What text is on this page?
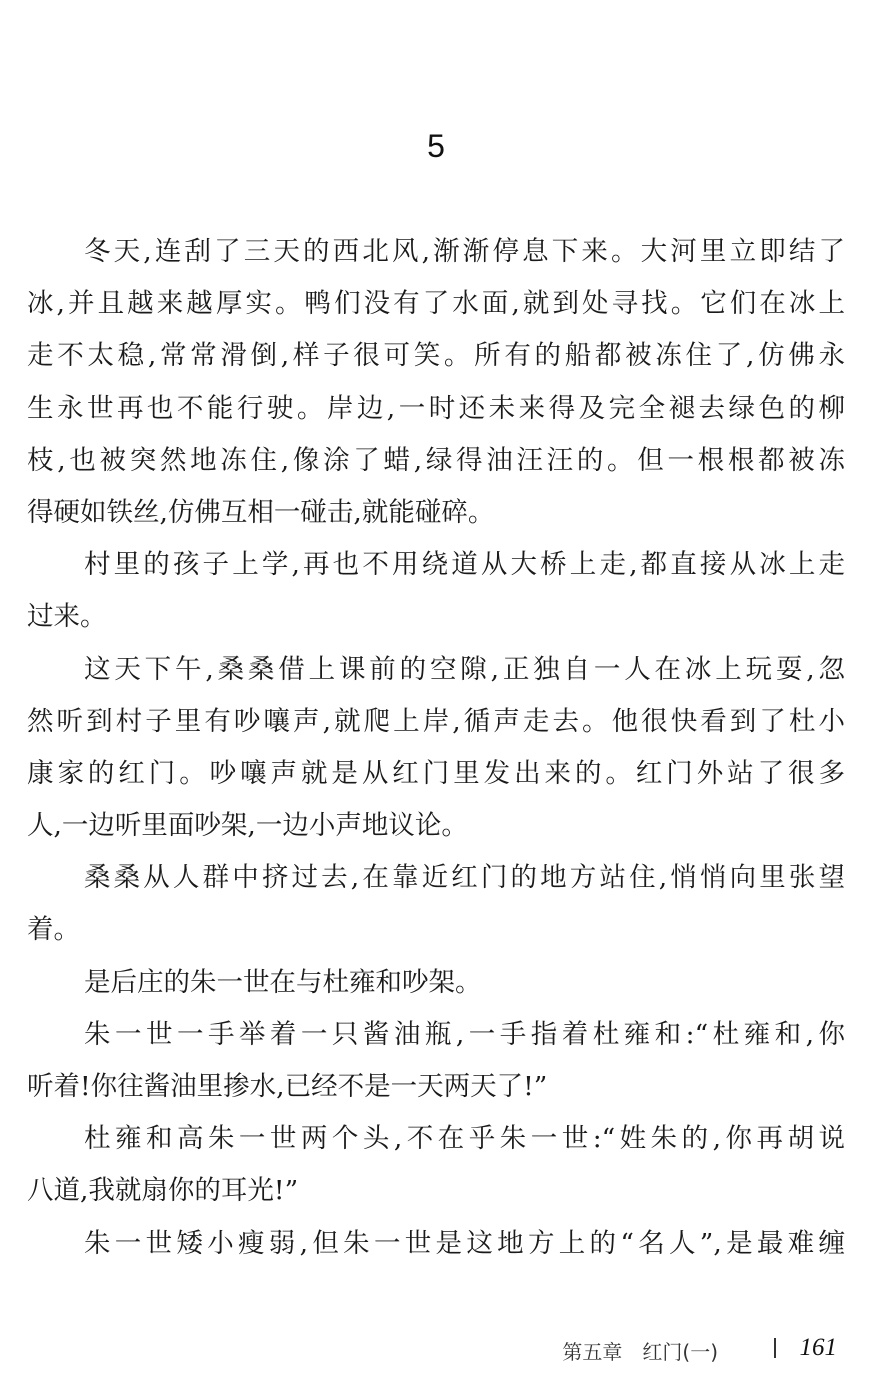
5
冬天,连刮了三天的西北风,渐渐停息下来。大河里立即结了
冰,并且越来越厚实。鸭们没有了水面,就到处寻找。它们在冰上
走不太稳,常常滑倒,样子很可笑。所有的船都被冻住了,仿佛永
生永世再也不能行驶。岸边,一时还未来得及完全褪去绿色的柳
枝,也被突然地冻住,像涂了蜡,绿得油汪汪的。但一根根都被冻
得硬如铁丝,仿佛互相一碰击,就能碰碎。
村里的孩子上学,再也不用绕道从大桥上走,都直接从冰上走
过来。
这天下午,桑桑借上课前的空隙,正独自一人在冰上玩耍,忽
然听到村子里有吵嚷声,就爬上岸,循声走去。他很快看到了杜小
康家的红门。吵嚷声就是从红门里发出来的。红门外站了很多
人,一边听里面吵架,一边小声地议论。
桑桑从人群中挤过去,在靠近红门的地方站住,悄悄向里张望
着。
是后庄的朱一世在与杜雍和吵架。
朱一世一手举着一只酱油瓶,一手指着杜雍和:“杜雍和,你
听着!你往酱油里掺水,已经不是一天两天了!”
杜雍和高朱一世两个头,不在乎朱一世:“姓朱的,你再胡说
八道,我就扇你的耳光!”
朱一世矮小瘦弱,但朱一世是这地方上的“名人”,是最难缠
第五章　红门(一)	161
